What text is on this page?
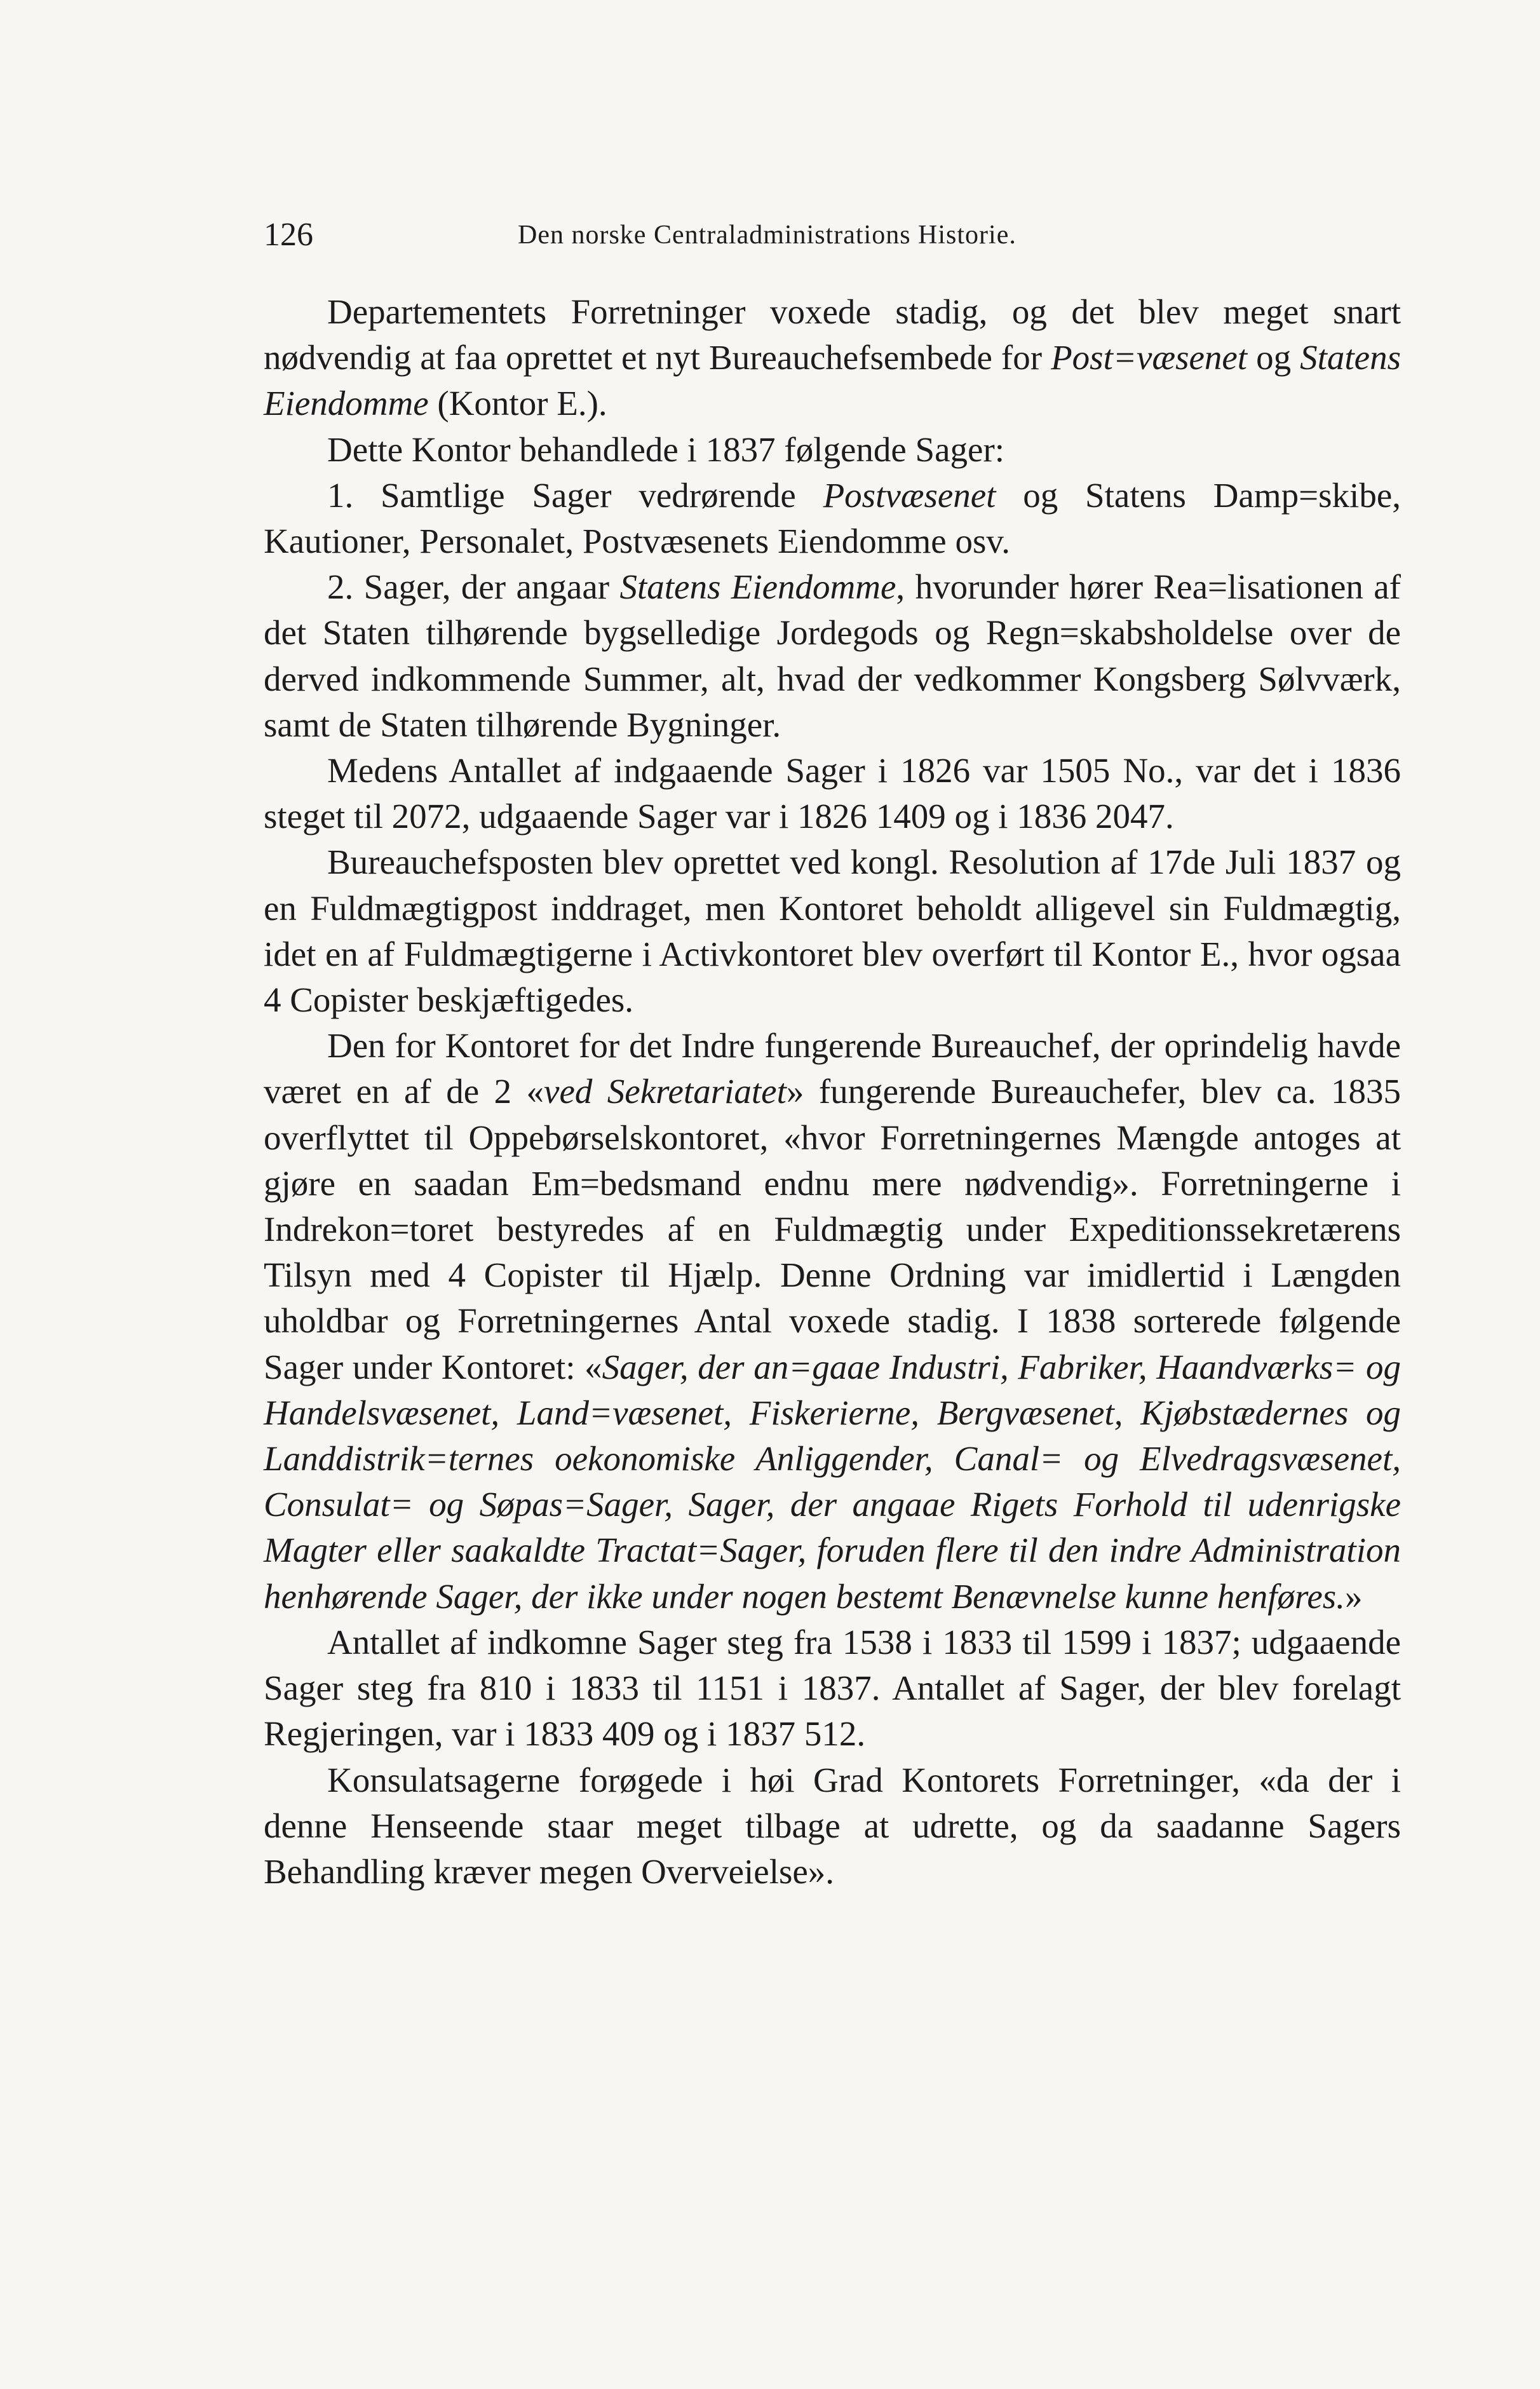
126	Den norske Centraladministrations Historie.

Departementets Forretninger voxede stadig, og det blev meget snart nødvendig at faa oprettet et nyt Bureauchefsembede for Post=væsenet og Statens Eiendomme (Kontor E.).

Dette Kontor behandlede i 1837 følgende Sager:

1. Samtlige Sager vedrørende Postvæsenet og Statens Damp=skibe, Kautioner, Personalet, Postvæsenets Eiendomme osv.

2. Sager, der angaar Statens Eiendomme, hvorunder hører Rea=lisationen af det Staten tilhørende bygselledige Jordegods og Regn=skabsholdelse over de derved indkommende Summer, alt, hvad der vedkommer Kongsberg Sølvværk, samt de Staten tilhørende Bygninger.

Medens Antallet af indgaaende Sager i 1826 var 1505 No., var det i 1836 steget til 2072, udgaaende Sager var i 1826 1409 og i 1836 2047.

Bureauchefsposten blev oprettet ved kongl. Resolution af 17de Juli 1837 og en Fuldmægtigpost inddraget, men Kontoret beholdt alligevel sin Fuldmægtig, idet en af Fuldmægtigerne i Activkontoret blev overført til Kontor E., hvor ogsaa 4 Copister beskjæftigedes.

Den for Kontoret for det Indre fungerende Bureauchef, der oprindelig havde været en af de 2 «ved Sekretariatet» fungerende Bureauchefer, blev ca. 1835 overflyttet til Oppebørselskontoret, «hvor Forretningernes Mængde antoges at gjøre en saadan Em=bedsmand endnu mere nødvendig». Forretningerne i Indrekon=toret bestyredes af en Fuldmægtig under Expeditionssekretærens Tilsyn med 4 Copister til Hjælp. Denne Ordning var imidlertid i Længden uholdbar og Forretningernes Antal voxede stadig. I 1838 sorterede følgende Sager under Kontoret: «Sager, der an=gaae Industri, Fabriker, Haandværks= og Handelsvæsenet, Land=væsenet, Fiskerierne, Bergvæsenet, Kjøbstædernes og Landdistrik=ternes oekonomiske Anliggender, Canal= og Elvedragsvæsenet, Consulat= og Søpas=Sager, Sager, der angaae Rigets Forhold til udenrigske Magter eller saakaldte Tractat=Sager, foruden flere til den indre Administration henhørende Sager, der ikke under nogen bestemt Benævnelse kunne henføres.»

Antallet af indkomne Sager steg fra 1538 i 1833 til 1599 i 1837; udgaaende Sager steg fra 810 i 1833 til 1151 i 1837. Antallet af Sager, der blev forelagt Regjeringen, var i 1833 409 og i 1837 512.

Konsulatsagerne forøgede i høi Grad Kontorets Forretninger, «da der i denne Henseende staar meget tilbage at udrette, og da saadanne Sagers Behandling kræver megen Overveielse».
